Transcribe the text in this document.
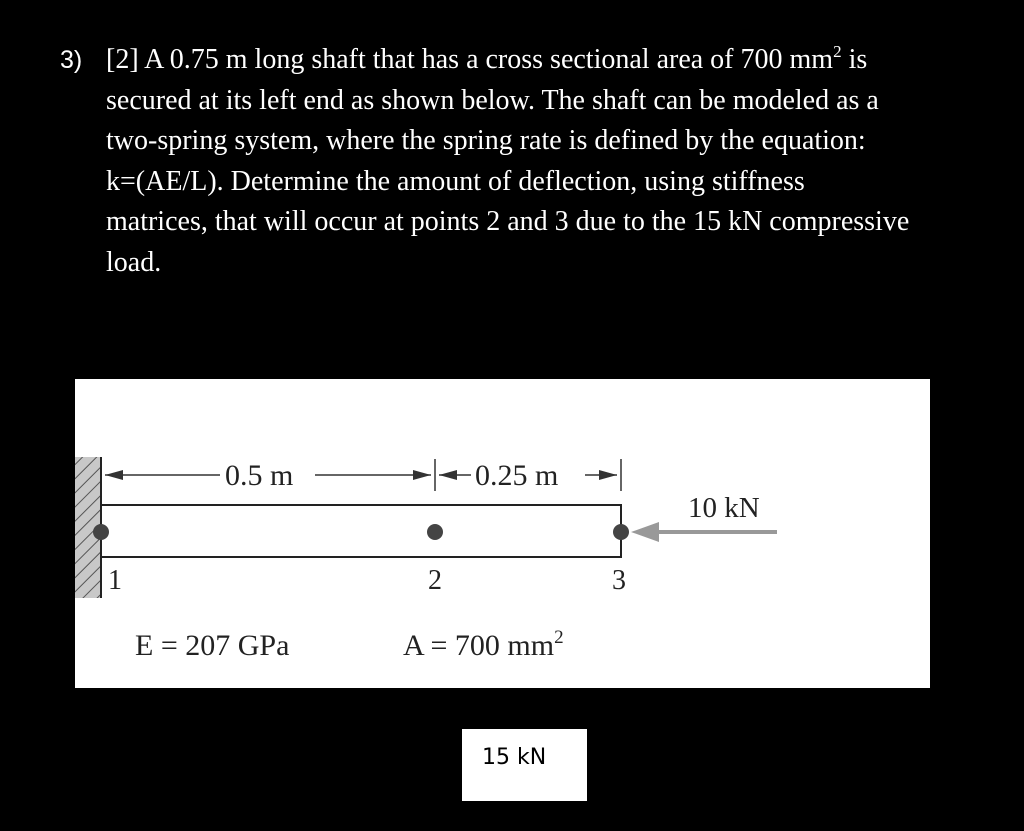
3) [2] A 0.75 m long shaft that has a cross sectional area of 700 $mm^2$ is
secured at its left end as shown below. The shaft can be modeled as a
two-spring system, where the spring rate is defined by the equation:
k=(AE/L). Determine the amount of deflection, using stiffness
matrices, that will occur at points 2 and 3 due to the 15 kN compressive
load.
0.5 m	0.25 m
10 kN
1	2	3
E = 207 GPa	A = 700 $mm^2$
15 kN
